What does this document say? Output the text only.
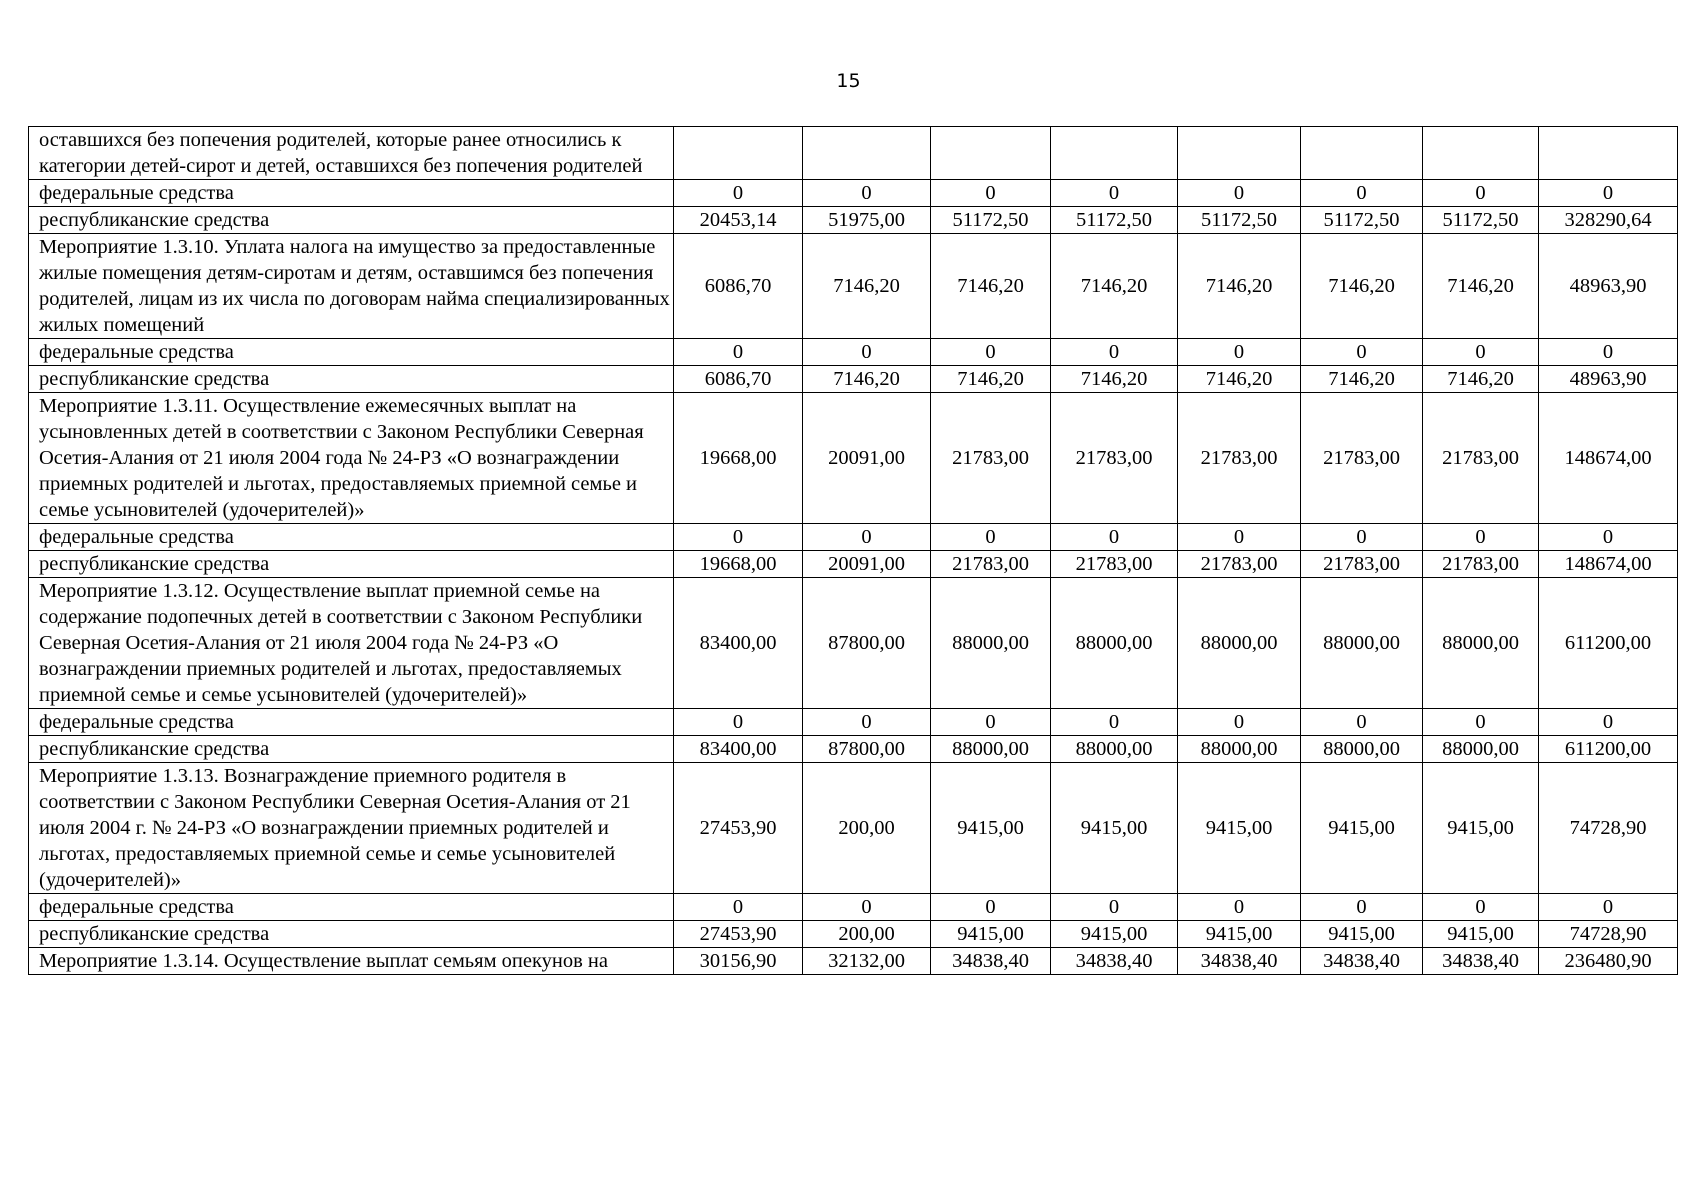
15
оставшихся без попечения родителей, которые ранее относились к категории детей-сирот и детей, оставшихся без попечения родителей								
федеральные средства	0	0	0	0	0	0	0	0
республиканские средства	20453,14	51975,00	51172,50	51172,50	51172,50	51172,50	51172,50	328290,64
Мероприятие 1.3.10. Уплата налога на имущество за предоставленные жилые помещения детям-сиротам и детям, оставшимся без попечения родителей, лицам из их числа по договорам найма специализированных жилых помещений	6086,70	7146,20	7146,20	7146,20	7146,20	7146,20	7146,20	48963,90
федеральные средства	0	0	0	0	0	0	0	0
республиканские средства	6086,70	7146,20	7146,20	7146,20	7146,20	7146,20	7146,20	48963,90
Мероприятие 1.3.11. Осуществление ежемесячных выплат на усыновленных детей в соответствии с Законом Республики Северная Осетия-Алания от 21 июля 2004 года № 24-РЗ «О вознаграждении приемных родителей и льготах, предоставляемых приемной семье и семье усыновителей (удочерителей)»	19668,00	20091,00	21783,00	21783,00	21783,00	21783,00	21783,00	148674,00
федеральные средства	0	0	0	0	0	0	0	0
республиканские средства	19668,00	20091,00	21783,00	21783,00	21783,00	21783,00	21783,00	148674,00
Мероприятие 1.3.12. Осуществление выплат приемной семье на содержание подопечных детей в соответствии с Законом Республики Северная Осетия-Алания от 21 июля 2004 года № 24-РЗ «О вознаграждении приемных родителей и льготах, предоставляемых приемной семье и семье усыновителей (удочерителей)»	83400,00	87800,00	88000,00	88000,00	88000,00	88000,00	88000,00	611200,00
федеральные средства	0	0	0	0	0	0	0	0
республиканские средства	83400,00	87800,00	88000,00	88000,00	88000,00	88000,00	88000,00	611200,00
Мероприятие 1.3.13. Вознаграждение приемного родителя в соответствии с Законом Республики Северная Осетия-Алания от 21 июля 2004 г. № 24-РЗ «О вознаграждении приемных родителей и льготах, предоставляемых приемной семье и семье усыновителей (удочерителей)»	27453,90	200,00	9415,00	9415,00	9415,00	9415,00	9415,00	74728,90
федеральные средства	0	0	0	0	0	0	0	0
республиканские средства	27453,90	200,00	9415,00	9415,00	9415,00	9415,00	9415,00	74728,90
Мероприятие 1.3.14. Осуществление выплат семьям опекунов на	30156,90	32132,00	34838,40	34838,40	34838,40	34838,40	34838,40	236480,90
